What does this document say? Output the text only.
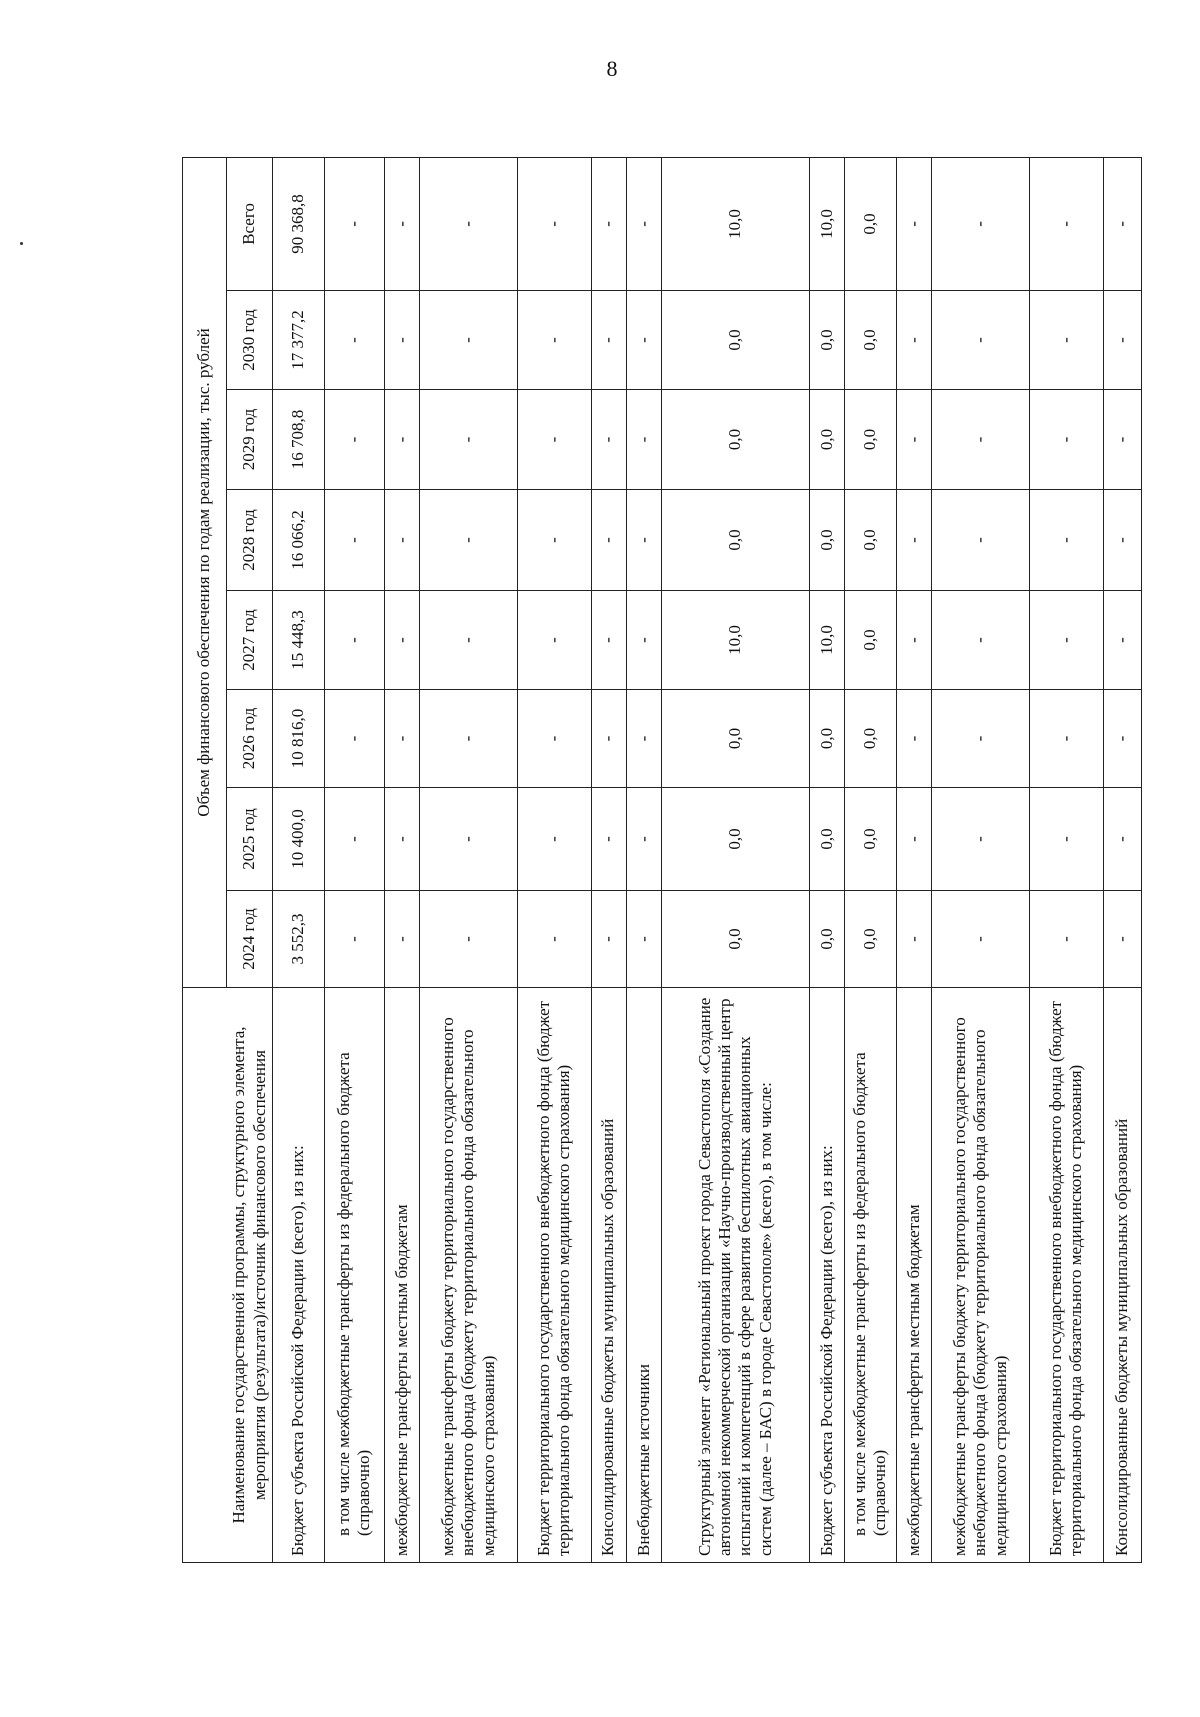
8
Наименование государственной программы, структурного элемента, мероприятия (результата)/источник финансового обеспечения	Объем финансового обеспечения по годам реализации, тыс. рублей							
	2024 год	2025 год	2026 год	2027 год	2028 год	2029 год	2030 год	Всего
Бюджет субъекта Российской Федерации (всего), из них:	3 552,3	10 400,0	10 816,0	15 448,3	16 066,2	16 708,8	17 377,2	90 368,8
в том числе межбюджетные трансферты из федерального бюджета (справочно)	-	-	-	-	-	-	-	-
межбюджетные трансферты местным бюджетам	-	-	-	-	-	-	-	-
межбюджетные трансферты бюджету территориального государственного внебюджетного фонда (бюджету территориального фонда обязательного медицинского страхования)	-	-	-	-	-	-	-	-
Бюджет территориального государственного внебюджетного фонда (бюджет территориального фонда обязательного медицинского страхования)	-	-	-	-	-	-	-	-
Консолидированные бюджеты муниципальных образований	-	-	-	-	-	-	-	-
Внебюджетные источники	-	-	-	-	-	-	-	-
Структурный элемент «Региональный проект города Севастополя «Создание автономной некоммерческой организации «Научно-производственный центр испытаний и компетенций в сфере развития беспилотных авиационных систем (далее – БАС) в городе Севастополе» (всего), в том числе:	0,0	0,0	0,0	10,0	0,0	0,0	0,0	10,0
Бюджет субъекта Российской Федерации (всего), из них:	0,0	0,0	0,0	10,0	0,0	0,0	0,0	10,0
в том числе межбюджетные трансферты из федерального бюджета (справочно)	0,0	0,0	0,0	0,0	0,0	0,0	0,0	0,0
межбюджетные трансферты местным бюджетам	-	-	-	-	-	-	-	-
межбюджетные трансферты бюджету территориального государственного внебюджетного фонда (бюджету территориального фонда обязательного медицинского страхования)	-	-	-	-	-	-	-	-
Бюджет территориального государственного внебюджетного фонда (бюджет территориального фонда обязательного медицинского страхования)	-	-	-	-	-	-	-	-
Консолидированные бюджеты муниципальных образований	-	-	-	-	-	-	-	-
